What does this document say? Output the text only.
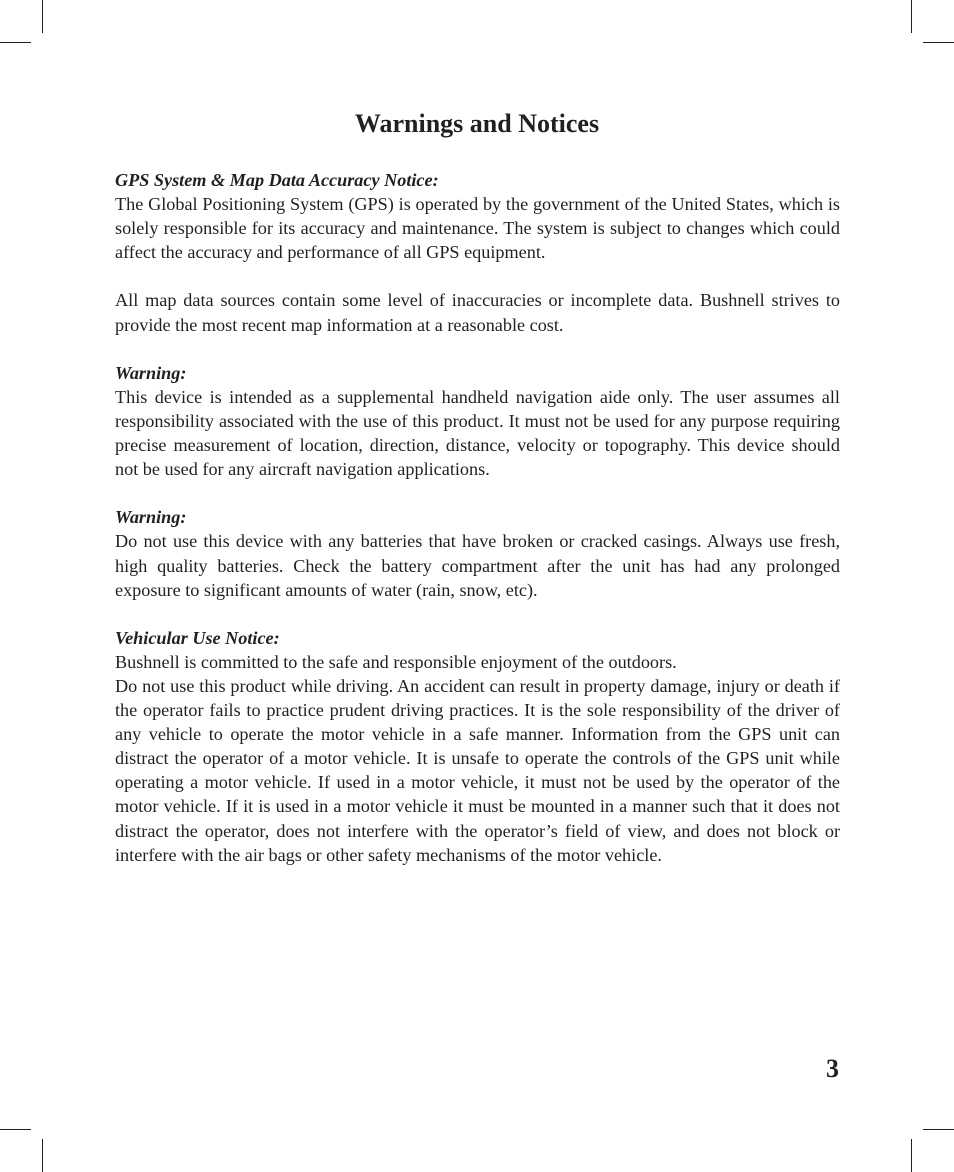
Warnings and Notices

GPS System & Map Data Accuracy Notice:

The Global Positioning System (GPS) is operated by the government of the United States, which is solely responsible for its accuracy and maintenance. The system is subject to changes which could affect the accuracy and performance of all GPS equipment.

All map data sources contain some level of inaccuracies or incomplete data. Bushnell strives to provide the most recent map information at a reasonable cost.

Warning:

This device is intended as a supplemental handheld navigation aide only. The user assumes all responsibility associated with the use of this product. It must not be used for any purpose requiring precise measurement of location, direction, distance, velocity or topography. This device should not be used for any aircraft navigation applications.

Warning:

Do not use this device with any batteries that have broken or cracked casings. Always use fresh, high quality batteries. Check the battery compartment after the unit has had any prolonged exposure to significant amounts of water (rain, snow, etc).

Vehicular Use Notice:

Bushnell is committed to the safe and responsible enjoyment of the outdoors.

Do not use this product while driving. An accident can result in property damage, injury or death if the operator fails to practice prudent driving practices. It is the sole responsibility of the driver of any vehicle to operate the motor vehicle in a safe manner. Information from the GPS unit can distract the operator of a motor vehicle. It is unsafe to operate the controls of the GPS unit while operating a motor vehicle. If used in a motor vehicle, it must not be used by the operator of the motor vehicle. If it is used in a motor vehicle it must be mounted in a manner such that it does not distract the operator, does not interfere with the operator’s field of view, and does not block or interfere with the air bags or other safety mechanisms of the motor vehicle.

3
